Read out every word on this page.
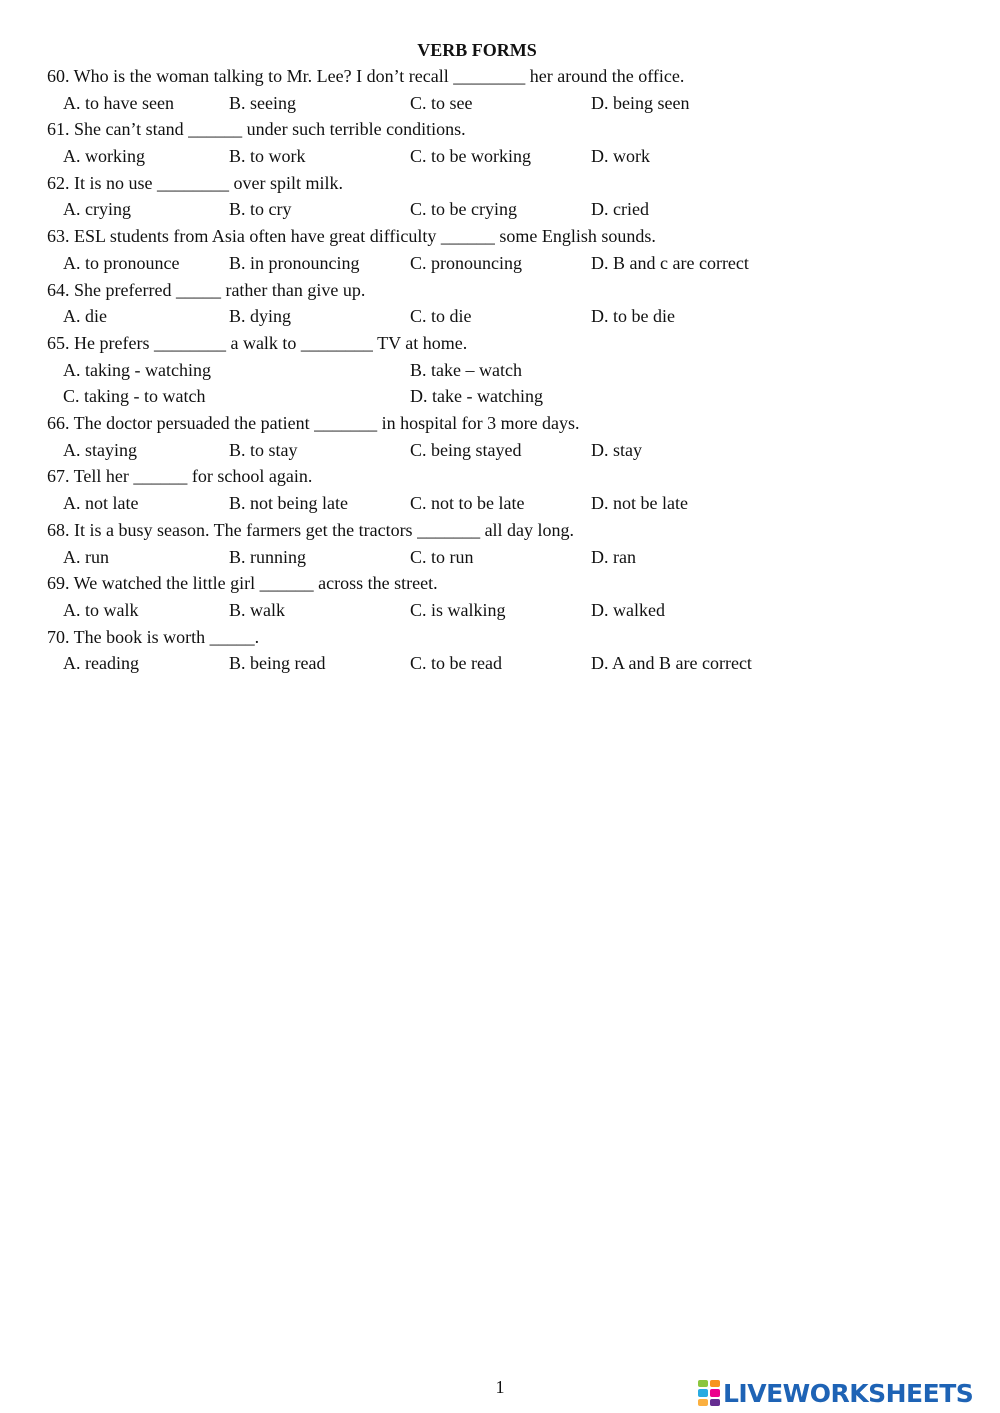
VERB FORMS
60. Who is the woman talking to Mr. Lee? I don’t recall ________ her around the office.
A. to have seen	B. seeing	C. to see	D. being seen
61. She can’t stand ______ under such terrible conditions.
A. working	B. to work	C. to be working	D. work
62. It is no use ________ over spilt milk.
A. crying	B. to cry	C. to be crying	D. cried
63. ESL students from Asia often have great difficulty ______ some English sounds.
A. to pronounce	B. in pronouncing	C. pronouncing	D. B and c are correct
64. She preferred _____ rather than give up.
A. die	B. dying	C. to die	D. to be die
65. He prefers ________ a walk to ________ TV at home.
A. taking - watching	B. take – watch
C. taking - to watch	D. take - watching
66. The doctor persuaded the patient _______ in hospital for 3 more days.
A. staying	B. to stay	C. being stayed	D. stay
67. Tell her ______ for school again.
A. not late	B. not being late	C. not to be late	D. not be late
68. It is a busy season. The farmers get the tractors _______ all day long.
A. run	B. running	C. to run	D. ran
69. We watched the little girl ______ across the street.
A. to walk	B. walk	C. is walking	D. walked
70. The book is worth _____.
A. reading	B. being read	C. to be read	D. A and B are correct
1	LIVEWORKSHEETS
